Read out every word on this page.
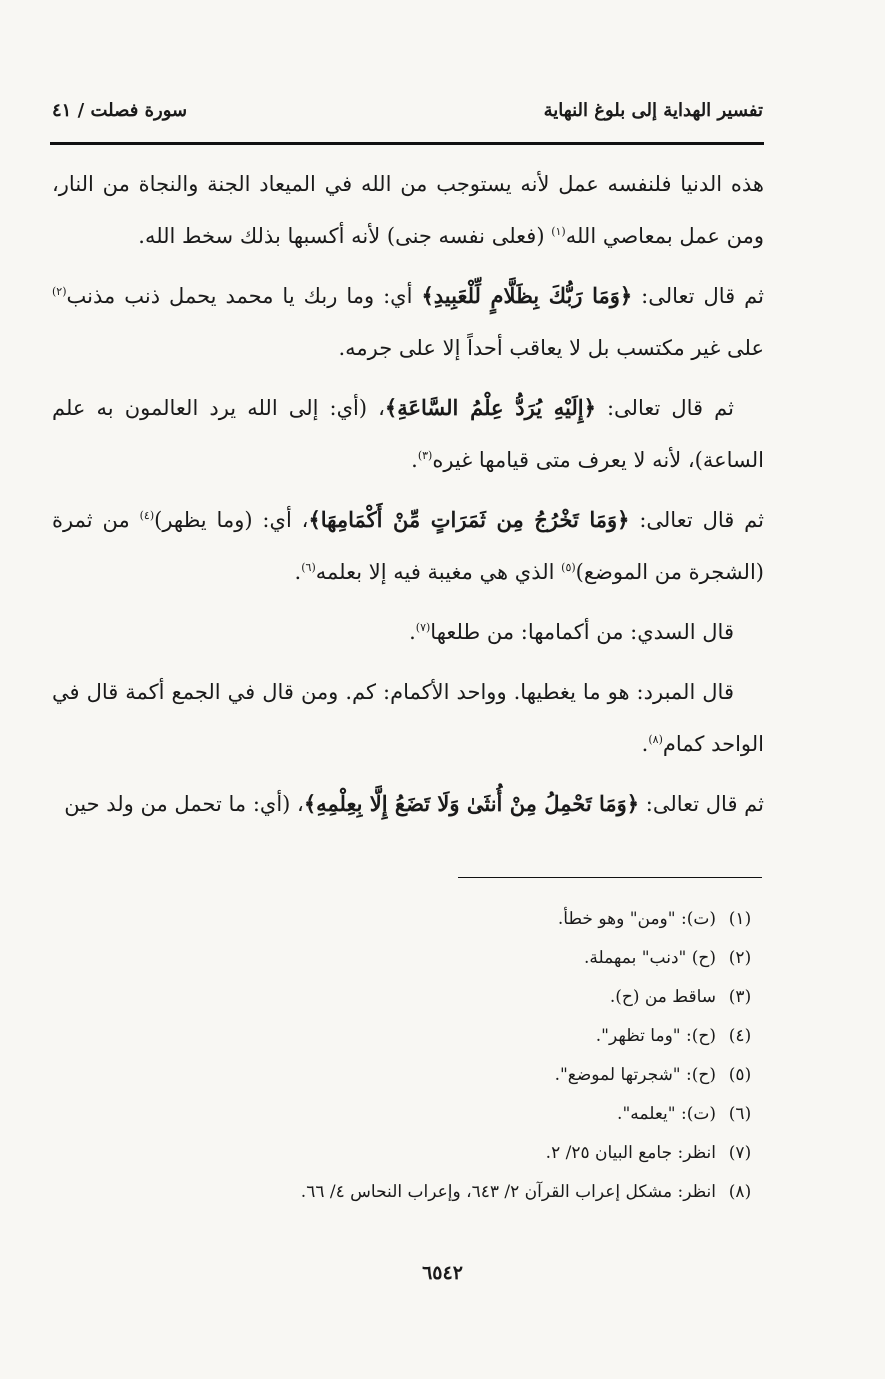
تفسير الهداية إلى بلوغ النهاية
سورة فصلت / ٤١

هذه الدنيا فلنفسه عمل لأنه يستوجب من الله في الميعاد الجنة والنجاة من النار، ومن عمل بمعاصي الله$^{(١)}$ (فعلى نفسه جنى) لأنه أكسبها بذلك سخط الله.

ثم قال تعالى: ﴿وَمَا رَبُّكَ بِظَلَّامٍ لِّلْعَبِيدِ﴾ أي: وما ربك يا محمد يحمل ذنب مذنب$^{(٢)}$ على غير مكتسب بل لا يعاقب أحداً إلا على جرمه.

ثم قال تعالى: ﴿إِلَيْهِ يُرَدُّ عِلْمُ السَّاعَةِ﴾، (أي: إلى الله يرد العالمون به علم الساعة)، لأنه لا يعرف متى قيامها غيره$^{(٣)}$.

ثم قال تعالى: ﴿وَمَا تَخْرُجُ مِن ثَمَرَاتٍ مِّنْ أَكْمَامِهَا﴾، أي: (وما يظهر)$^{(٤)}$ من ثمرة (الشجرة من الموضع)$^{(٥)}$ الذي هي مغيبة فيه إلا بعلمه$^{(٦)}$.

قال السدي: من أكمامها: من طلعها$^{(٧)}$.

قال المبرد: هو ما يغطيها. وواحد الأكمام: كم. ومن قال في الجمع أكمة قال في الواحد كمام$^{(٨)}$.

ثم قال تعالى: ﴿وَمَا تَحْمِلُ مِنْ أُنثَىٰ وَلَا تَضَعُ إِلَّا بِعِلْمِهِ﴾، (أي: ما تحمل من ولد حين

(١)
(ت): "ومن" وهو خطأ.
(٢)
(ح) "دنب" بمهملة.
(٣)
ساقط من (ح).
(٤)
(ح): "وما تظهر".
(٥)
(ح): "شجرتها لموضع".
(٦)
(ت): "يعلمه".
(٧)
انظر: جامع البيان ٢٥/ ٢.
(٨)
انظر: مشكل إعراب القرآن ٢/ ٦٤٣، وإعراب النحاس ٤/ ٦٦.
٦٥٤٢
